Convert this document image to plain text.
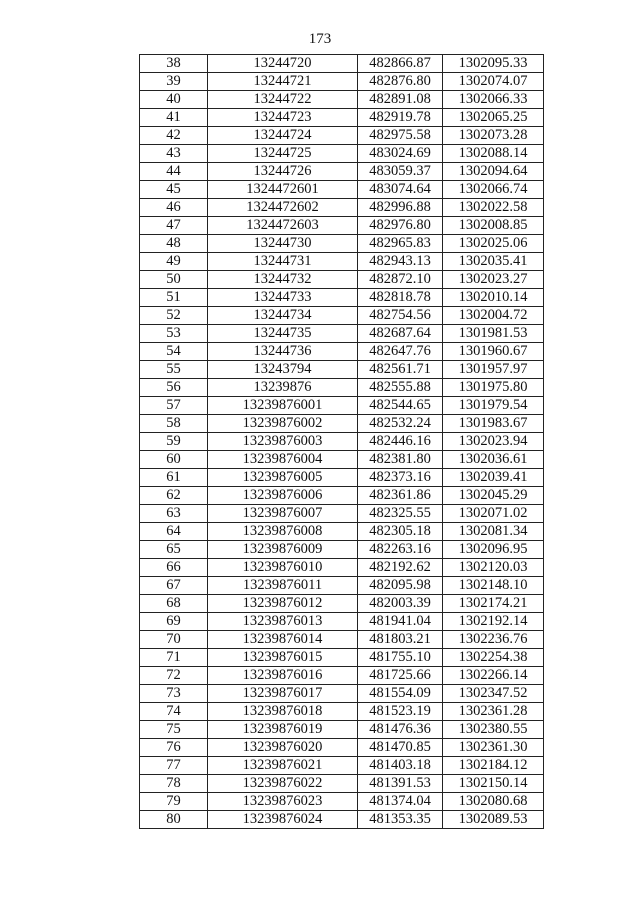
173
38	13244720	482866.87	1302095.33
39	13244721	482876.80	1302074.07
40	13244722	482891.08	1302066.33
41	13244723	482919.78	1302065.25
42	13244724	482975.58	1302073.28
43	13244725	483024.69	1302088.14
44	13244726	483059.37	1302094.64
45	1324472601	483074.64	1302066.74
46	1324472602	482996.88	1302022.58
47	1324472603	482976.80	1302008.85
48	13244730	482965.83	1302025.06
49	13244731	482943.13	1302035.41
50	13244732	482872.10	1302023.27
51	13244733	482818.78	1302010.14
52	13244734	482754.56	1302004.72
53	13244735	482687.64	1301981.53
54	13244736	482647.76	1301960.67
55	13243794	482561.71	1301957.97
56	13239876	482555.88	1301975.80
57	13239876001	482544.65	1301979.54
58	13239876002	482532.24	1301983.67
59	13239876003	482446.16	1302023.94
60	13239876004	482381.80	1302036.61
61	13239876005	482373.16	1302039.41
62	13239876006	482361.86	1302045.29
63	13239876007	482325.55	1302071.02
64	13239876008	482305.18	1302081.34
65	13239876009	482263.16	1302096.95
66	13239876010	482192.62	1302120.03
67	13239876011	482095.98	1302148.10
68	13239876012	482003.39	1302174.21
69	13239876013	481941.04	1302192.14
70	13239876014	481803.21	1302236.76
71	13239876015	481755.10	1302254.38
72	13239876016	481725.66	1302266.14
73	13239876017	481554.09	1302347.52
74	13239876018	481523.19	1302361.28
75	13239876019	481476.36	1302380.55
76	13239876020	481470.85	1302361.30
77	13239876021	481403.18	1302184.12
78	13239876022	481391.53	1302150.14
79	13239876023	481374.04	1302080.68
80	13239876024	481353.35	1302089.53
